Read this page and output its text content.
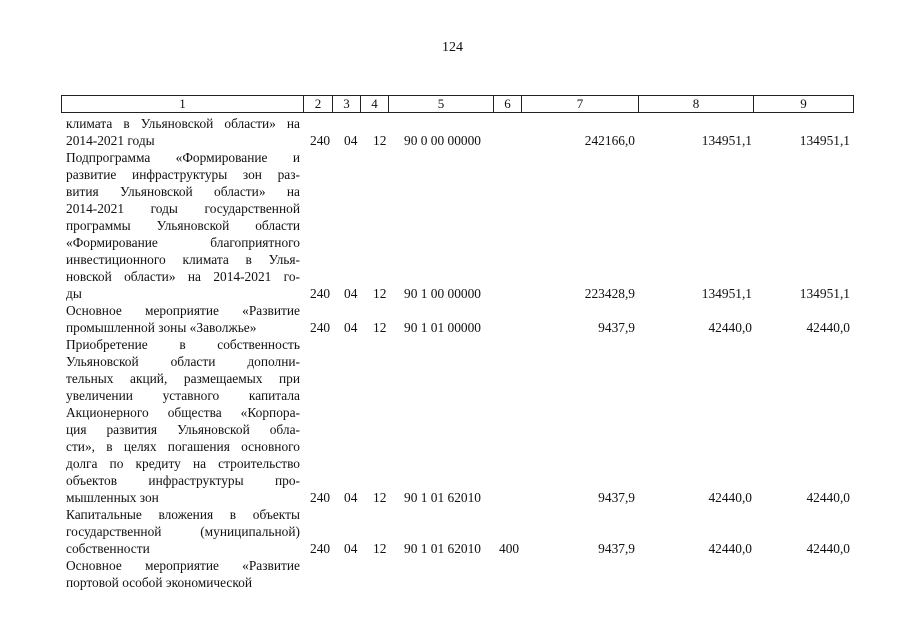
124
1	2	3	4	5	6	7	8	9
климата в Ульяновской области» на
2014-2021 годы	240 04 12 90 0 00 00000	242166,0	134951,1	134951,1
Подпрограмма «Формирование и
развитие инфраструктуры зон раз-
вития Ульяновской области» на
2014-2021 годы государственной
программы Ульяновской области
«Формирование благоприятного
инвестиционного климата в Улья-
новской области» на 2014-2021 го-
ды	240 04 12 90 1 00 00000	223428,9	134951,1	134951,1
Основное мероприятие «Развитие
промышленной зоны «Заволжье»	240 04 12 90 1 01 00000	9437,9	42440,0	42440,0
Приобретение в собственность
Ульяновской области дополни-
тельных акций, размещаемых при
увеличении уставного капитала
Акционерного общества «Корпора-
ция развития Ульяновской обла-
сти», в целях погашения основного
долга по кредиту на строительство
объектов инфраструктуры про-
мышленных зон	240 04 12 90 1 01 62010	9437,9	42440,0	42440,0
Капитальные вложения в объекты
государственной (муниципальной)
собственности	240 04 12 90 1 01 62010 400	9437,9	42440,0	42440,0
Основное мероприятие «Развитие
портовой особой экономической
